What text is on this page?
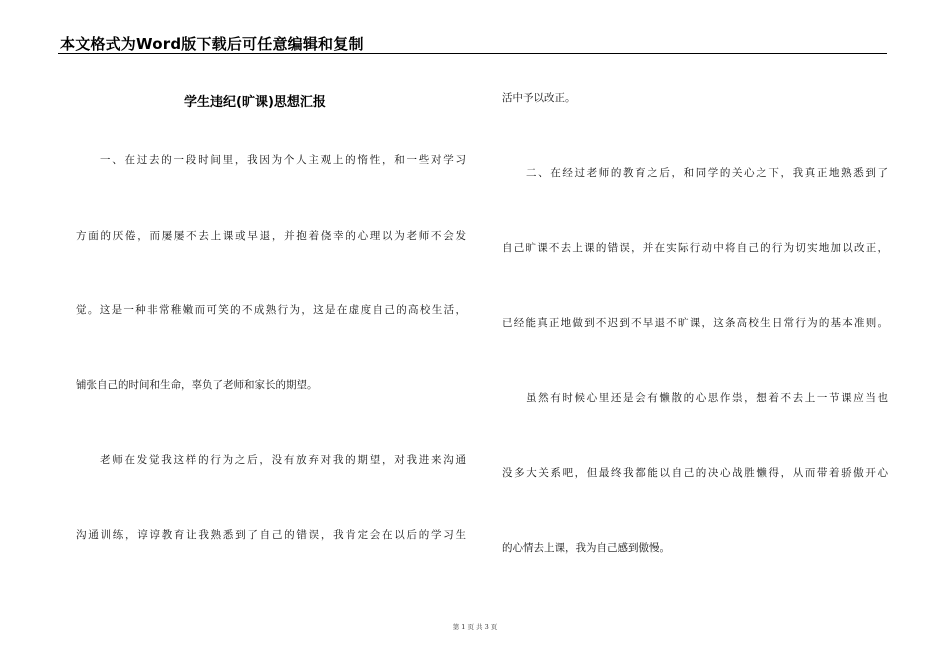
本文格式为Word版下载后可任意编辑和复制
学生违纪(旷课)思想汇报
一、在过去的一段时间里，我因为个人主观上的惰性，和一些对学习
方面的厌倦，而屡屡不去上课或早退，并抱着侥幸的心理以为老师不会发
觉。这是一种非常稚嫩而可笑的不成熟行为，这是在虚度自己的高校生活，
铺张自己的时间和生命，辜负了老师和家长的期望。
老师在发觉我这样的行为之后，没有放弃对我的期望，对我进来沟通
沟通训练，谆谆教育让我熟悉到了自己的错误，我肯定会在以后的学习生
活中予以改正。
二、在经过老师的教育之后，和同学的关心之下，我真正地熟悉到了
自己旷课不去上课的错误，并在实际行动中将自己的行为切实地加以改正，
已经能真正地做到不迟到不早退不旷课，这条高校生日常行为的基本准则。
虽然有时候心里还是会有懒散的心思作祟，想着不去上一节课应当也
没多大关系吧，但最终我都能以自己的决心战胜懒得，从而带着骄傲开心
的心情去上课，我为自己感到傲慢。
第 1 页 共 3 页
